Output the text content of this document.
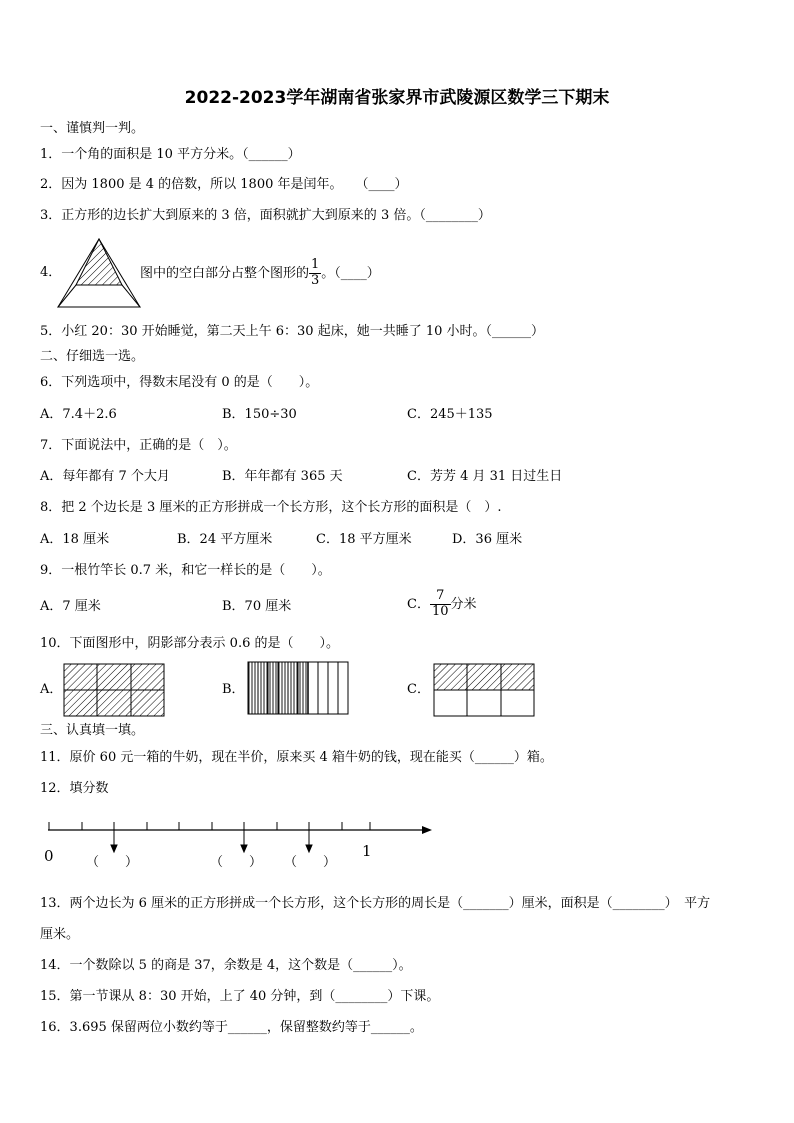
2022-2023学年湖南省张家界市武陵源区数学三下期末
一、谨慎判一判。
1．一个角的面积是 10 平方分米。（______）
2．因为 1800 是 4 的倍数，所以 1800 年是闰年。　　（____）
3．正方形的边长扩大到原来的 3 倍，面积就扩大到原来的 3 倍。（________）
4．	图中的空白部分占整个图形的 $\frac{1}{3}$ 。（____）
5．小红 20：30 开始睡觉，第二天上午 6：30 起床，她一共睡了 10 小时。（______）
二、仔细选一选。
6．下列选项中，得数末尾没有 0 的是（　　）。
A．7.4＋2.6	B．150÷30	C．245＋135
7．下面说法中，正确的是（　）。
A．每年都有 7 个大月	B．年年都有 365 天	C．芳芳 4 月 31 日过生日
8．把 2 个边长是 3 厘米的正方形拼成一个长方形，这个长方形的面积是（　）.
A．18 厘米	B．24 平方厘米	C．18 平方厘米	D．36 厘米
9．一根竹竿长 0.7 米，和它一样长的是（　　）。
A．7 厘米	B．70 厘米	C． $\frac{7}{10}$ 分米
10．下面图形中，阴影部分表示 0.6 的是（　　）。
A．	B．	C．
三、认真填一填。
11．原价 60 元一箱的牛奶，现在半价，原来买 4 箱牛奶的钱，现在能买（______）箱。
12．填分数
0	1
（　　）	（　　） （　　）
13．两个边长为 6 厘米的正方形拼成一个长方形，这个长方形的周长是（_______）厘米，面积是（________）　平方
厘米。
14．一个数除以 5 的商是 37，余数是 4，这个数是（______）。
15．第一节课从 8：30 开始，上了 40 分钟，到（________）下课。
16．3.695 保留两位小数约等于______，保留整数约等于______。
